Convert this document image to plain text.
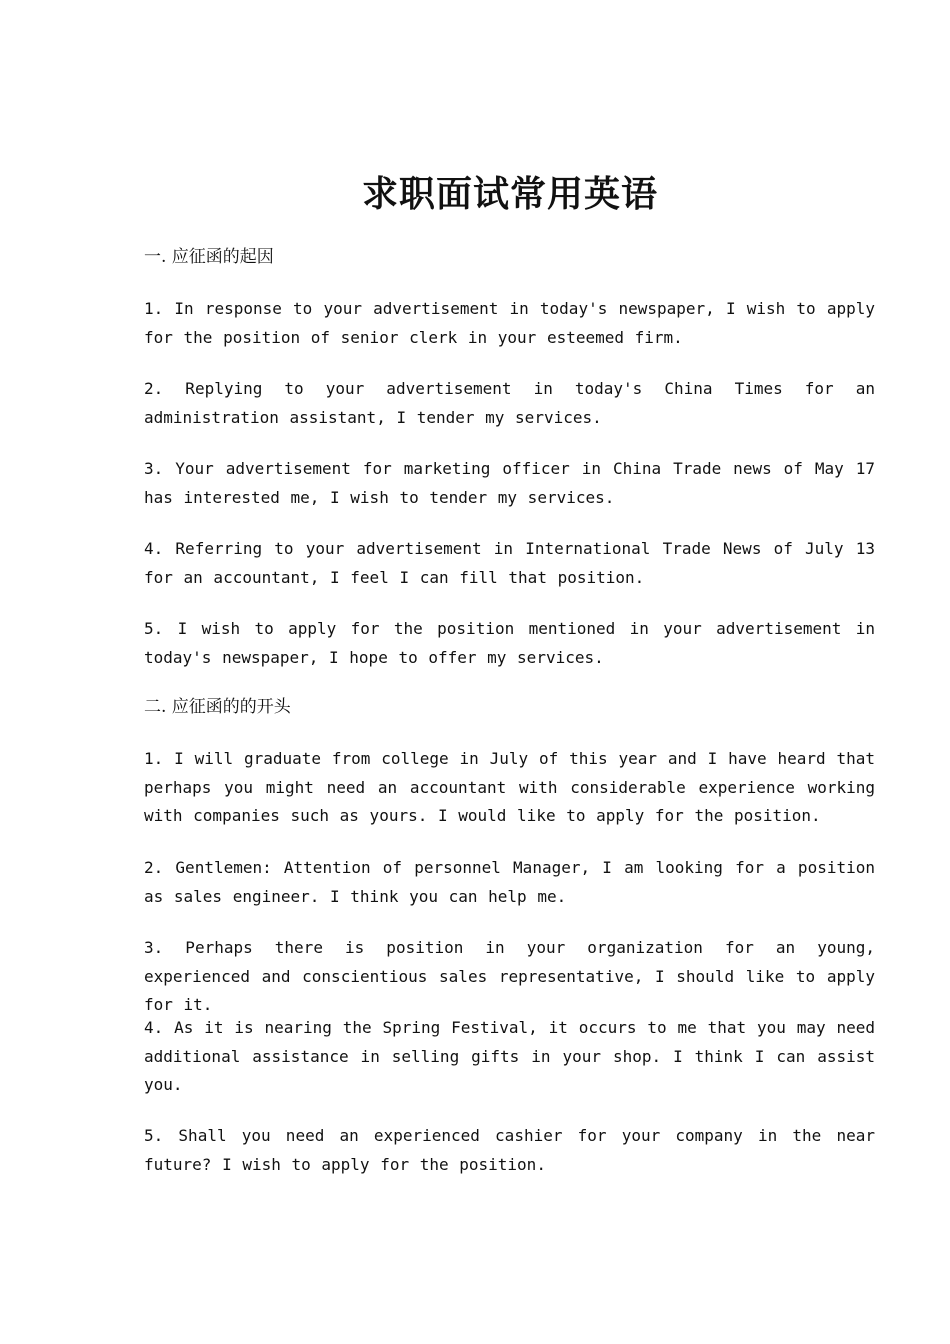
求职面试常用英语

一. 应征函的起因

1. In response to your advertisement in today's newspaper, I wish to apply for the position of senior clerk in your esteemed firm.

2. Replying to your advertisement in today's China Times for an administration assistant, I tender my services.

3. Your advertisement for marketing officer in China Trade news of May 17 has interested me, I wish to tender my services.

4. Referring to your advertisement in International Trade News of July 13 for an accountant, I feel I can fill that position.

5. I wish to apply for the position mentioned in your advertisement in today's newspaper, I hope to offer my services.

二. 应征函的的开头

1. I will graduate from college in July of this year and I have heard that perhaps you might need an accountant with considerable experience working with companies such as yours. I would like to apply for the position.

2. Gentlemen: Attention of personnel Manager, I am looking for a position as sales engineer. I think you can help me.

3. Perhaps there is position in your organization for an young, experienced and conscientious sales representative, I should like to apply for it.

4. As it is nearing the Spring Festival, it occurs to me that you may need additional assistance in selling gifts in your shop. I think I can assist you.

5. Shall you need an experienced cashier for your company in the near future? I wish to apply for the position.
